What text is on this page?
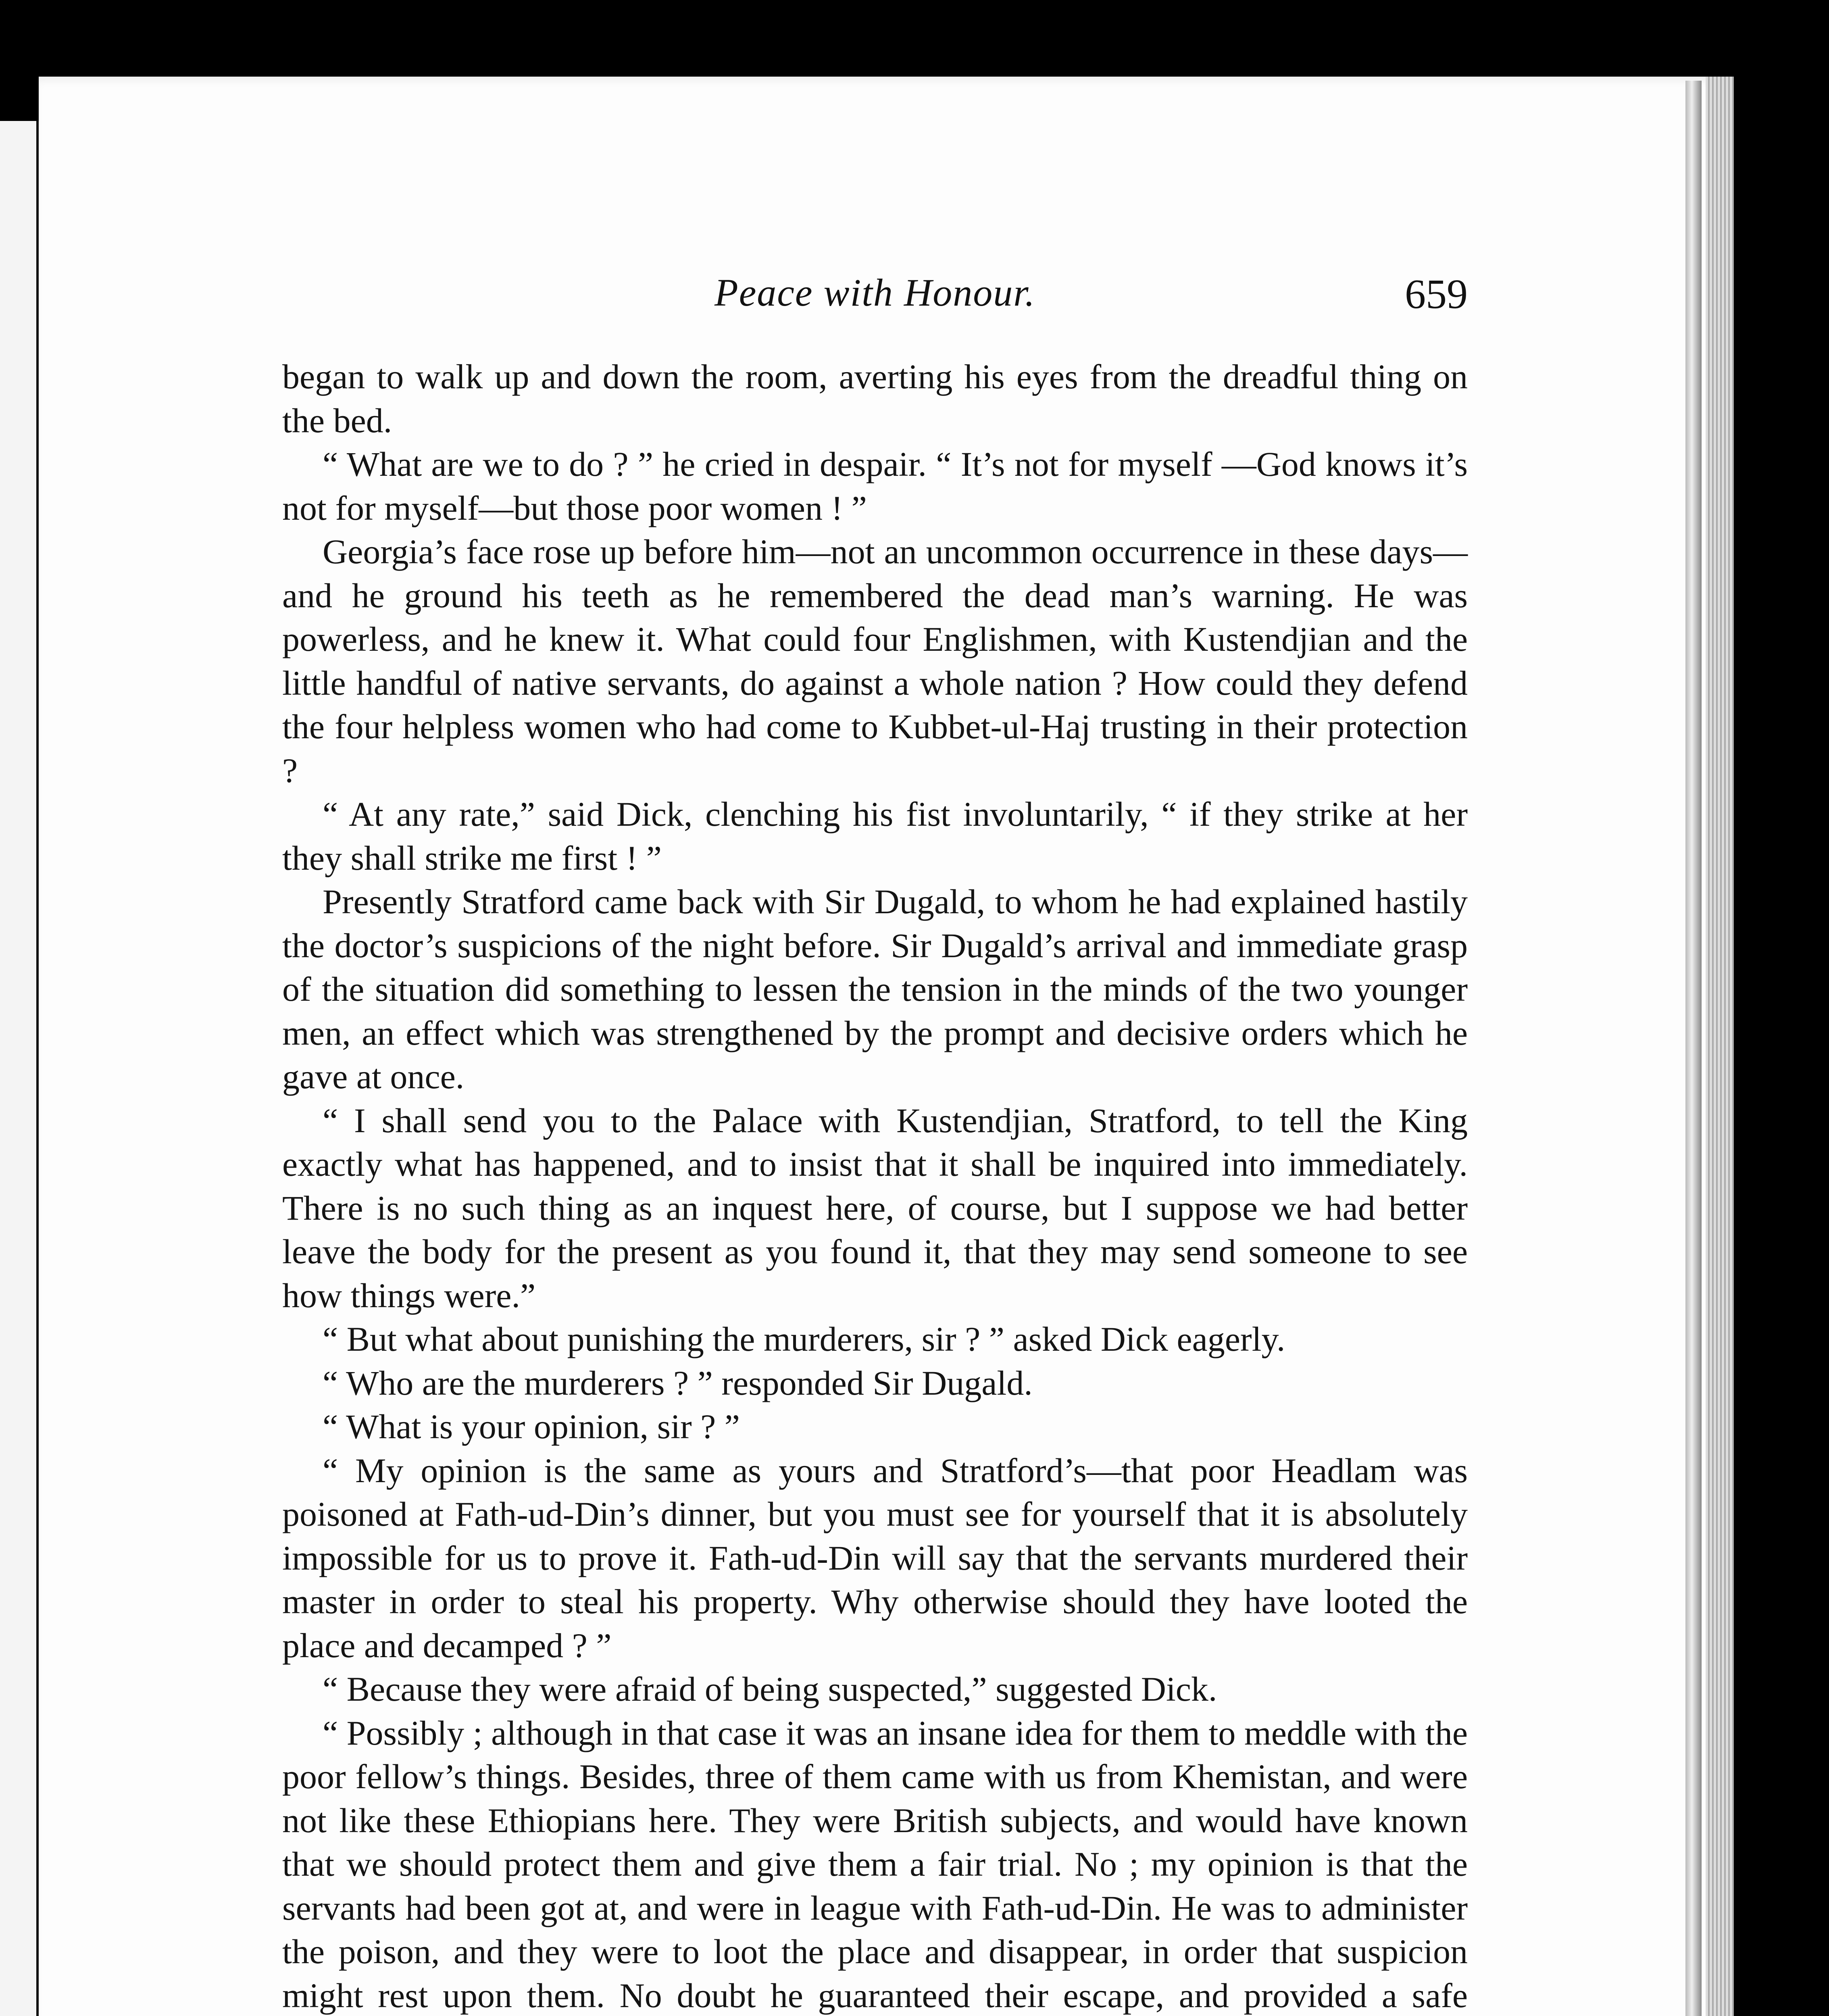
Peace with Honour.	659

began to walk up and down the room, averting his eyes from the dreadful thing on the bed.

“ What are we to do ? ” he cried in despair. “ It’s not for myself —God knows it’s not for myself—but those poor women ! ”

Georgia’s face rose up before him—not an uncommon occurrence in these days—and he ground his teeth as he remembered the dead man’s warning. He was powerless, and he knew it. What could four Englishmen, with Kustendjian and the little handful of native servants, do against a whole nation ? How could they defend the four helpless women who had come to Kubbet-ul-Haj trusting in their protection ?

“ At any rate,” said Dick, clenching his fist involuntarily, “ if they strike at her they shall strike me first ! ”

Presently Stratford came back with Sir Dugald, to whom he had explained hastily the doctor’s suspicions of the night before. Sir Dugald’s arrival and immediate grasp of the situation did something to lessen the tension in the minds of the two younger men, an effect which was strengthened by the prompt and decisive orders which he gave at once.

“ I shall send you to the Palace with Kustendjian, Stratford, to tell the King exactly what has happened, and to insist that it shall be inquired into immediately. There is no such thing as an inquest here, of course, but I suppose we had better leave the body for the present as you found it, that they may send someone to see how things were.”

“ But what about punishing the murderers, sir ? ” asked Dick eagerly.

“ Who are the murderers ? ” responded Sir Dugald.

“ What is your opinion, sir ? ”

“ My opinion is the same as yours and Stratford’s—that poor Headlam was poisoned at Fath-ud-Din’s dinner, but you must see for yourself that it is absolutely impossible for us to prove it. Fath-ud-Din will say that the servants murdered their master in order to steal his property. Why otherwise should they have looted the place and decamped ? ”

“ Because they were afraid of being suspected,” suggested Dick.

“ Possibly ; although in that case it was an insane idea for them to meddle with the poor fellow’s things. Besides, three of them came with us from Khemistan, and were not like these Ethiopians here. They were British subjects, and would have known that we should protect them and give them a fair trial. No ; my opinion is that the servants had been got at, and were in league with Fath-ud-Din. He was to administer the poison, and they were to loot the place and disappear, in order that suspicion might rest upon them. No doubt he guaranteed their escape, and provided a safe
